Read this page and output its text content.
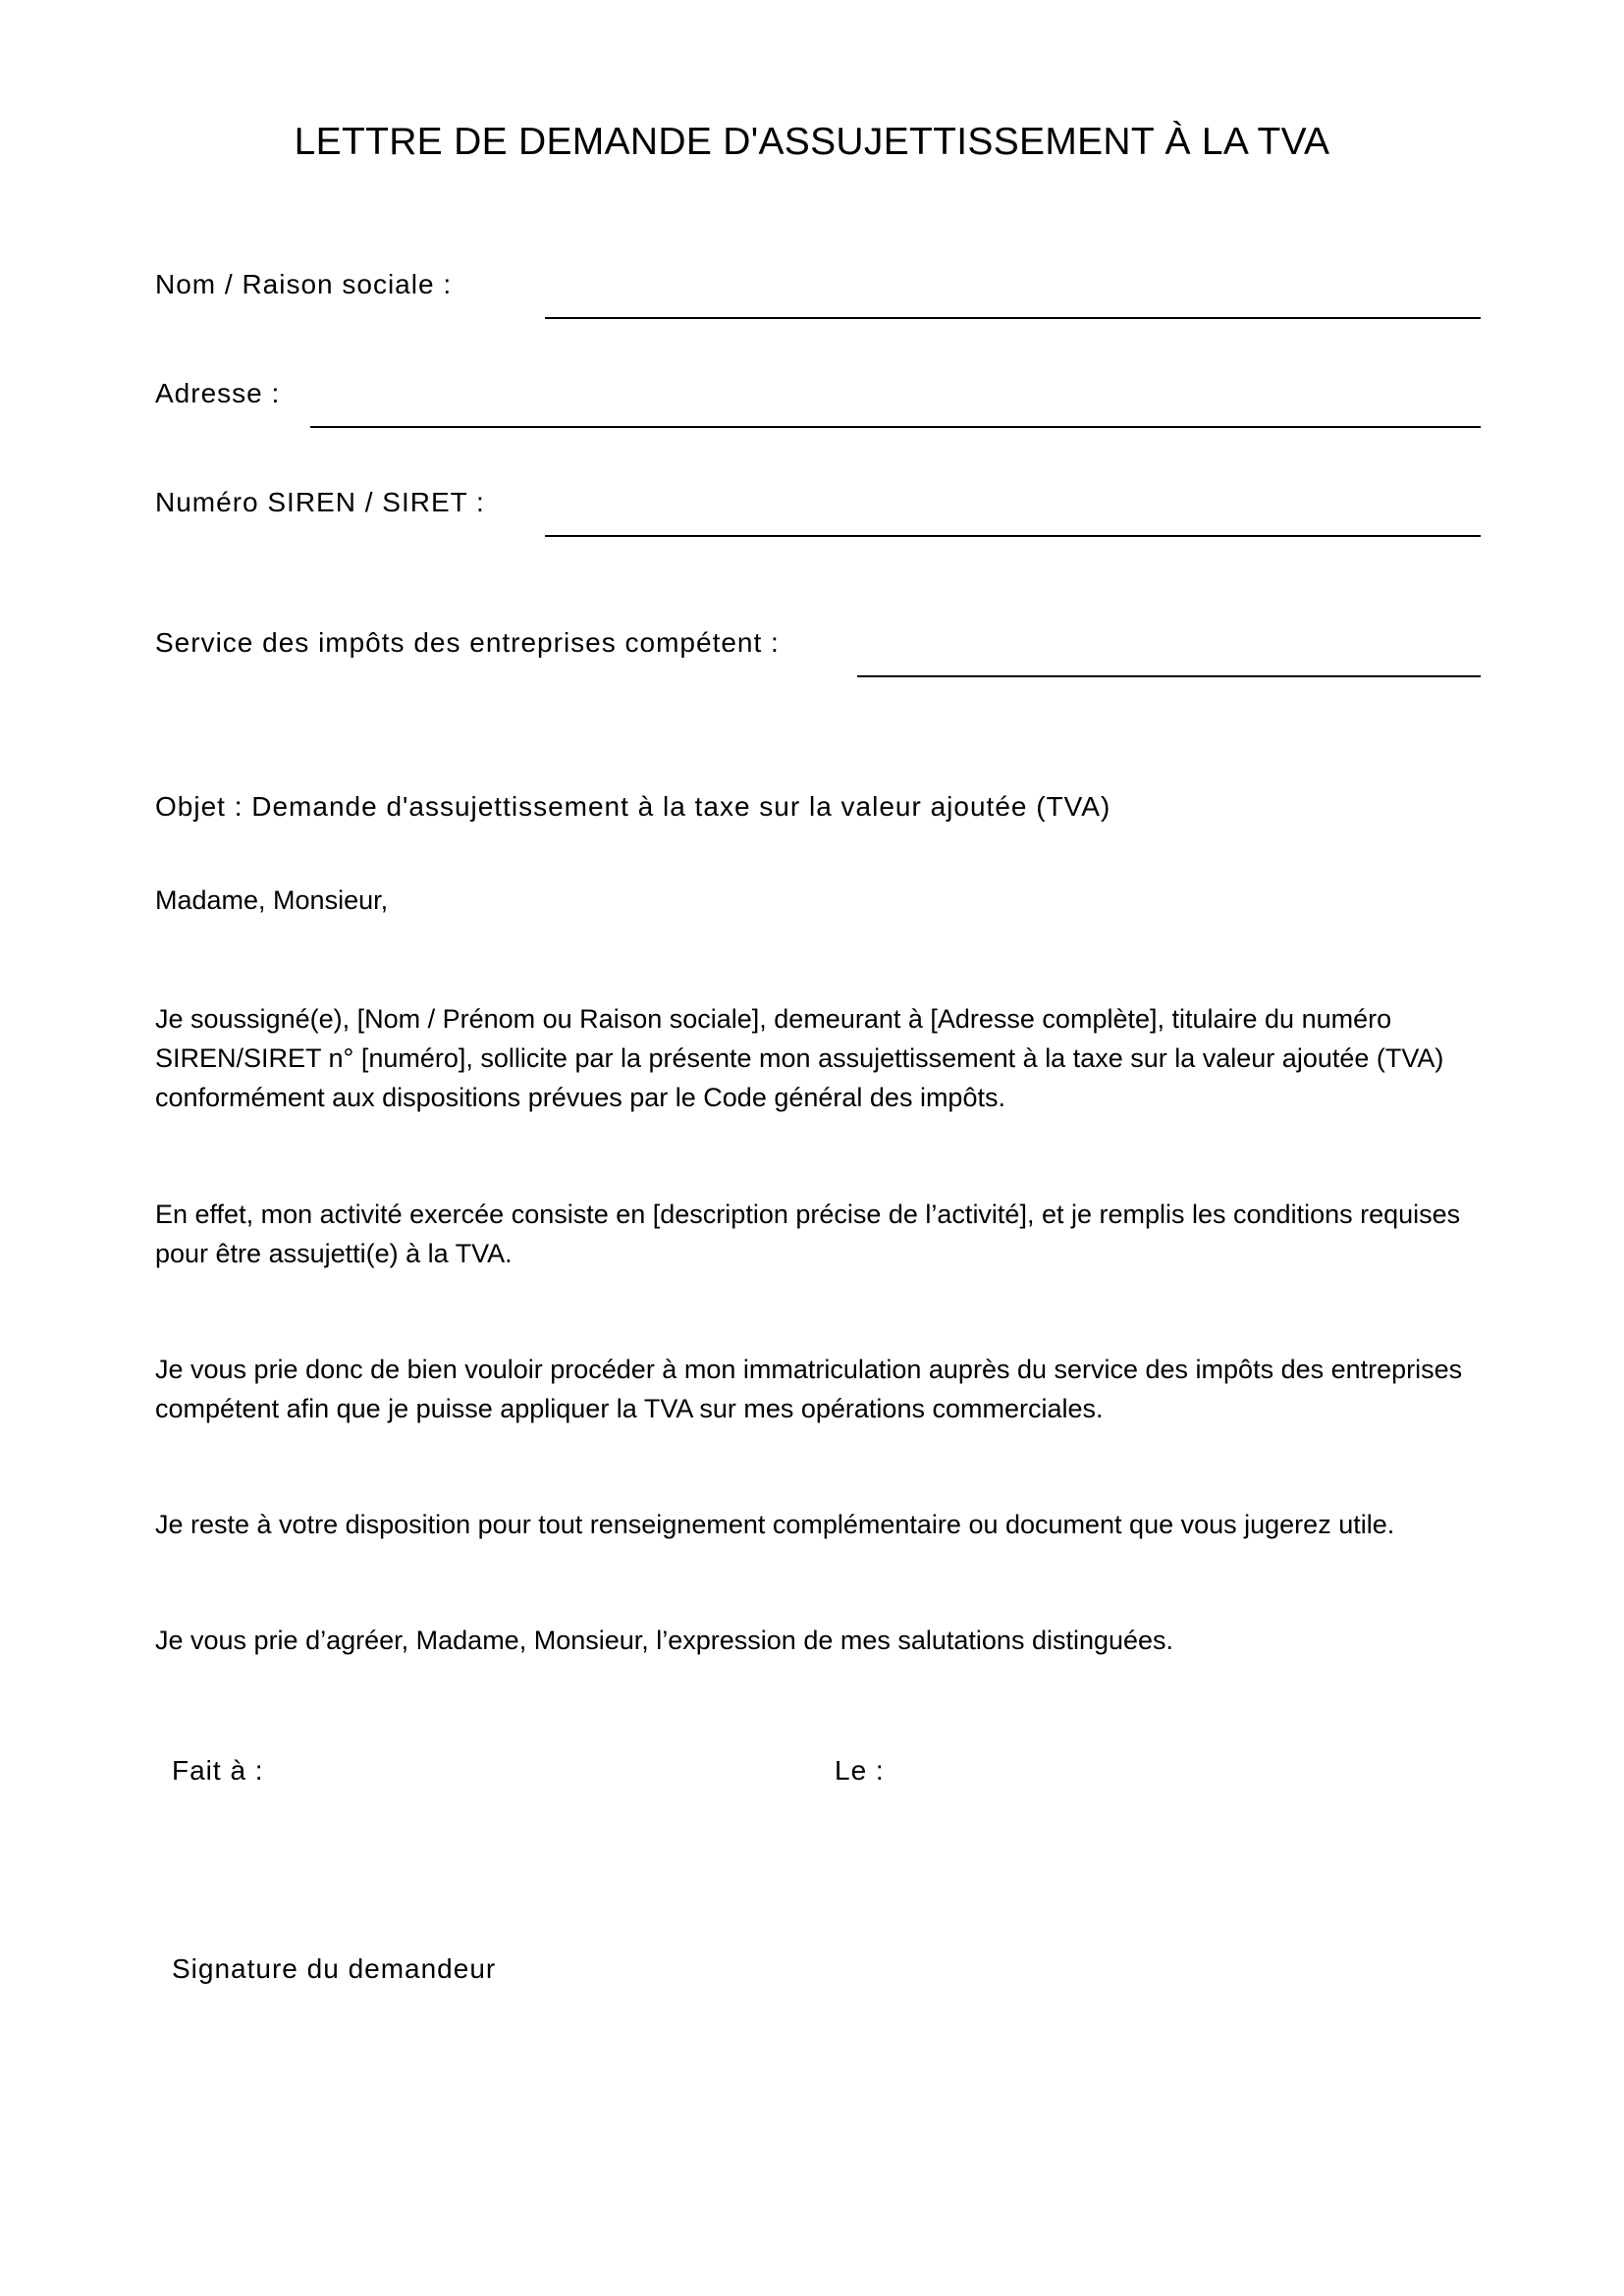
LETTRE DE DEMANDE D'ASSUJETTISSEMENT À LA TVA
Nom / Raison sociale :
Adresse :
Numéro SIREN / SIRET :
Service des impôts des entreprises compétent :
Objet : Demande d'assujettissement à la taxe sur la valeur ajoutée (TVA)
Madame, Monsieur,

Je soussigné(e), [Nom / Prénom ou Raison sociale], demeurant à [Adresse complète], titulaire du numéro SIREN/SIRET n° [numéro], sollicite par la présente mon assujettissement à la taxe sur la valeur ajoutée (TVA) conformément aux dispositions prévues par le Code général des impôts.

En effet, mon activité exercée consiste en [description précise de l’activité], et je remplis les conditions requises pour être assujetti(e) à la TVA.

Je vous prie donc de bien vouloir procéder à mon immatriculation auprès du service des impôts des entreprises compétent afin que je puisse appliquer la TVA sur mes opérations commerciales.

Je reste à votre disposition pour tout renseignement complémentaire ou document que vous jugerez utile.

Je vous prie d’agréer, Madame, Monsieur, l’expression de mes salutations distinguées.

Fait à :	Le :
Signature du demandeur
